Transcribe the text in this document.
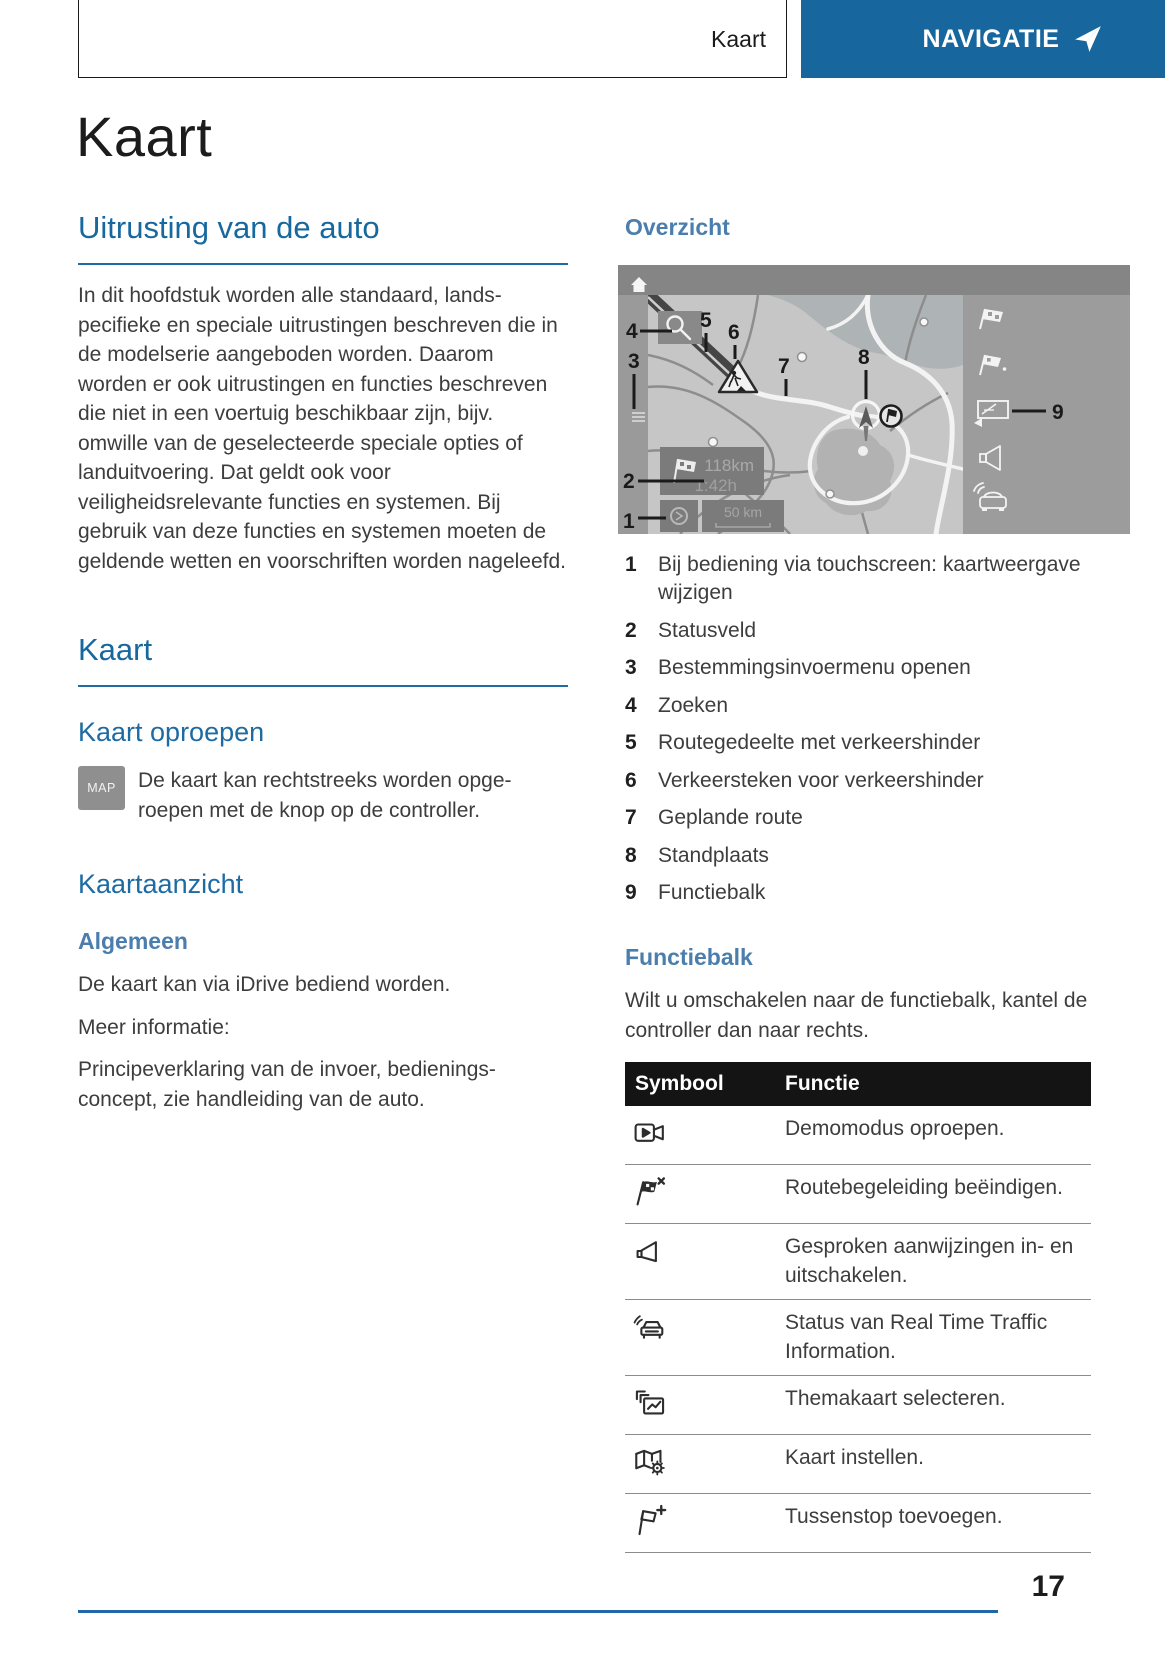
Kaart	NAVIGATIE
Kaart
Uitrusting van de auto

In dit hoofdstuk worden alle standaard, landspecifieke en speciale uitrustingen beschreven die in de modelserie aangeboden worden. Daarom worden er ook uitrustingen en functies beschreven die niet in een voertuig beschikbaar zijn, bijv. omwille van de geselecteerde speciale opties of landuitvoering. Dat geldt ook voor veiligheidsrelevante functies en systemen. Bij gebruik van deze functies en systemen moeten de geldende wetten en voorschriften worden nageleefd.

Kaart
Kaart oproepen
MAP De kaart kan rechtstreeks worden opgeroepen met de knop op de controller.

Kaartaanzicht
Algemeen

De kaart kan via iDrive bediend worden.

Meer informatie:

Principeverklaring van de invoer, bedieningsconcept, zie handleiding van de auto.

Overzicht
118km
1:42h
50 km
1
2
3
4	5
6
7	8
9
1	Bij bediening via touchscreen: kaartweergave wijzigen
2	Statusveld
3	Bestemmingsinvoermenu openen
4	Zoeken
5	Routegedeelte met verkeershinder
6	Verkeersteken voor verkeershinder
7	Geplande route
8	Standplaats
9	Functiebalk
Functiebalk

Wilt u omschakelen naar de functiebalk, kantel de controller dan naar rechts.

Symbool	Functie
Demomodus oproepen.
Routebegeleiding beëindigen.
Gesproken aanwijzingen in- en uitschakelen.
Status van Real Time Traffic Information.
Themakaart selecteren.
Kaart instellen.
Tussenstop toevoegen.
17
